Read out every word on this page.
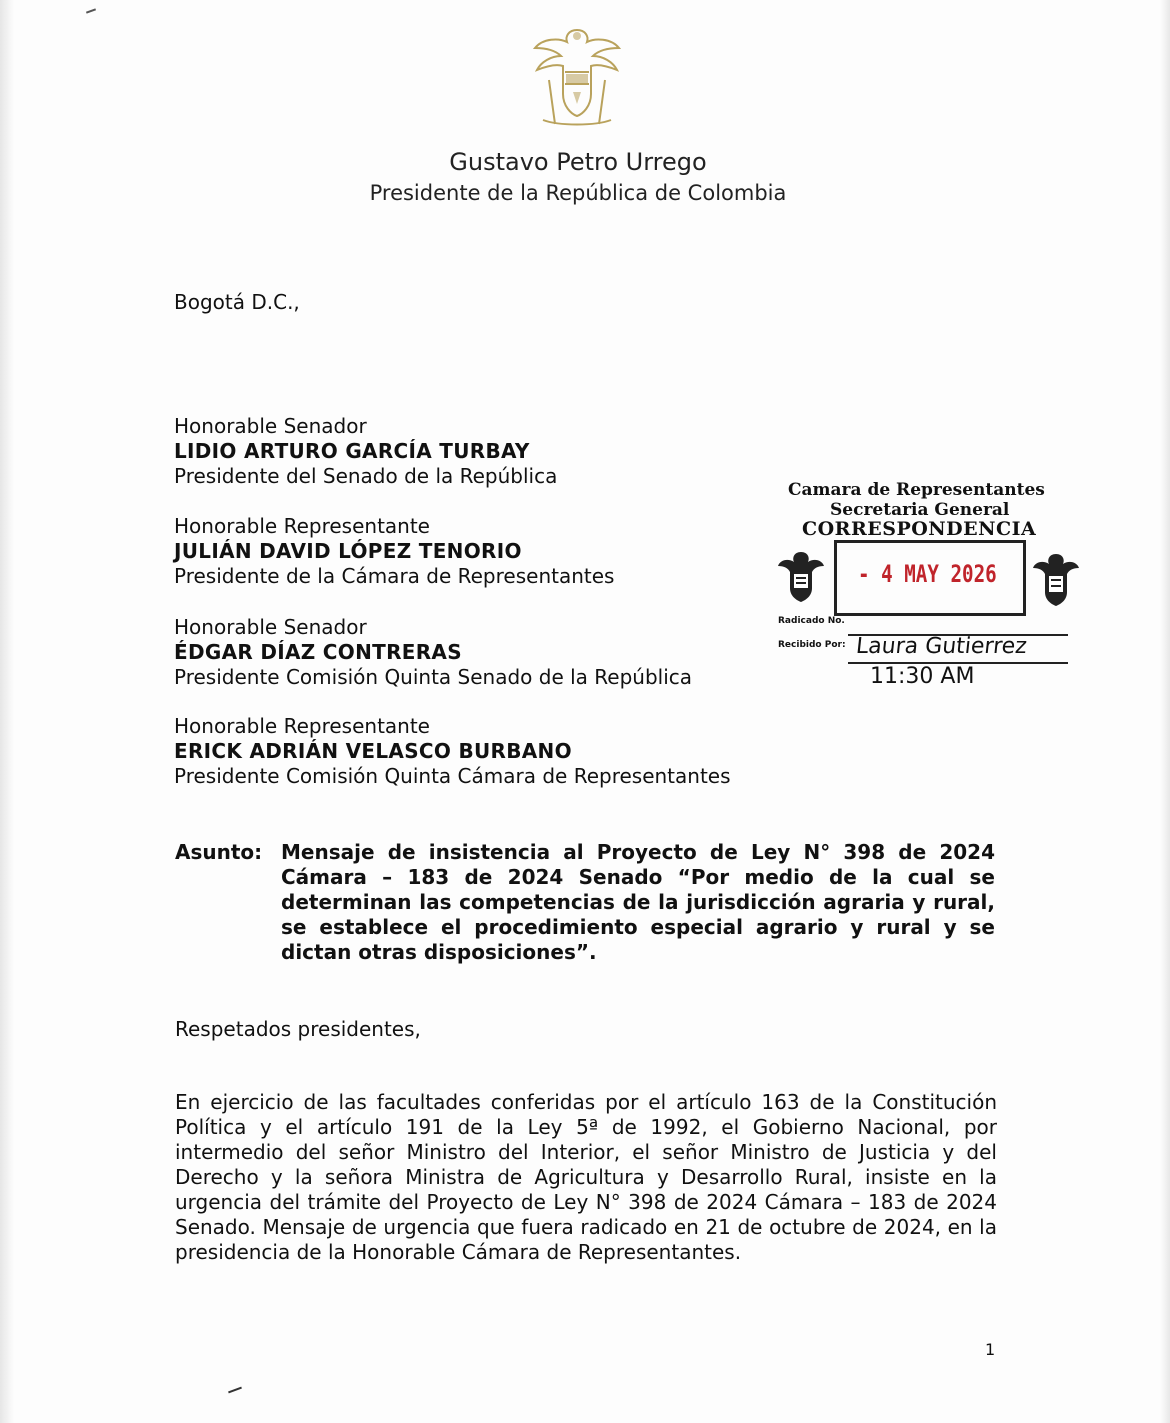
Gustavo Petro Urrego
Presidente de la República de Colombia
Bogotá D.C.,
Honorable Senador
LIDIO ARTURO GARCÍA TURBAY
Presidente del Senado de la República
Honorable Representante
JULIÁN DAVID LÓPEZ TENORIO
Presidente de la Cámara de Representantes
Honorable Senador
ÉDGAR DÍAZ CONTRERAS
Presidente Comisión Quinta Senado de la República
Honorable Representante
ERICK ADRIÁN VELASCO BURBANO
Presidente Comisión Quinta Cámara de Representantes
Camara de Representantes
Secretaria General
CORRESPONDENCIA
- 4 MAY 2026
Radicado No.
Recibido Por: Laura Gutierrez
11:30 AM
Asunto: Mensaje de insistencia al Proyecto de Ley N° 398 de 2024 Cámara – 183 de 2024 Senado “Por medio de la cual se determinan las competencias de la jurisdicción agraria y rural, se establece el procedimiento especial agrario y rural y se dictan otras disposiciones”.
Respetados presidentes,
En ejercicio de las facultades conferidas por el artículo 163 de la Constitución Política y el artículo 191 de la Ley 5ª de 1992, el Gobierno Nacional, por intermedio del señor Ministro del Interior, el señor Ministro de Justicia y del Derecho y la señora Ministra de Agricultura y Desarrollo Rural, insiste en la urgencia del trámite del Proyecto de Ley N° 398 de 2024 Cámara – 183 de 2024 Senado. Mensaje de urgencia que fuera radicado en 21 de octubre de 2024, en la presidencia de la Honorable Cámara de Representantes.
1
